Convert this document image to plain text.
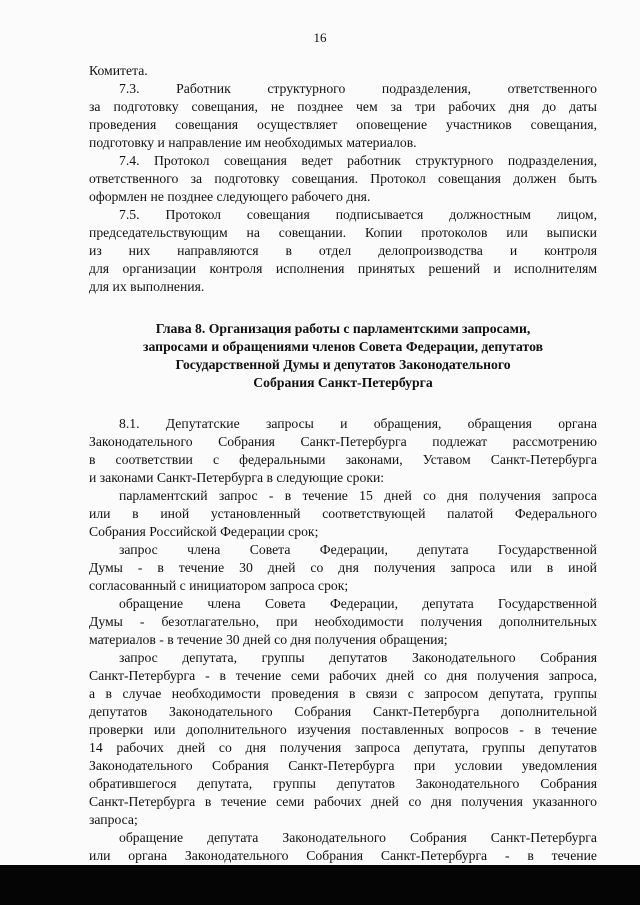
16

Комитета.

7.3. Работник структурного подразделения, ответственного

за подготовку совещания, не позднее чем за три рабочих дня до даты

проведения совещания осуществляет оповещение участников совещания,

подготовку и направление им необходимых материалов.

7.4. Протокол совещания ведет работник структурного подразделения,

ответственного за подготовку совещания. Протокол совещания должен быть

оформлен не позднее следующего рабочего дня.

7.5. Протокол совещания подписывается должностным лицом,

председательствующим на совещании. Копии протоколов или выписки

из них направляются в отдел делопроизводства и контроля

для организации контроля исполнения принятых решений и исполнителям

для их выполнения.

Глава 8. Организация работы с парламентскими запросами,
запросами и обращениями членов Совета Федерации, депутатов
Государственной Думы и депутатов Законодательного
Собрания Санкт-Петербурга

8.1. Депутатские запросы и обращения, обращения органа

Законодательного Собрания Санкт-Петербурга подлежат рассмотрению

в соответствии с федеральными законами, Уставом Санкт-Петербурга

и законами Санкт-Петербурга в следующие сроки:

парламентский запрос - в течение 15 дней со дня получения запроса

или в иной установленный соответствующей палатой Федерального

Собрания Российской Федерации срок;

запрос члена Совета Федерации, депутата Государственной

Думы - в течение 30 дней со дня получения запроса или в иной

согласованный с инициатором запроса срок;

обращение члена Совета Федерации, депутата Государственной

Думы - безотлагательно, при необходимости получения дополнительных

материалов - в течение 30 дней со дня получения обращения;

запрос депутата, группы депутатов Законодательного Собрания

Санкт-Петербурга - в течение семи рабочих дней со дня получения запроса,

а в случае необходимости проведения в связи с запросом депутата, группы

депутатов Законодательного Собрания Санкт-Петербурга дополнительной

проверки или дополнительного изучения поставленных вопросов - в течение

14 рабочих дней со дня получения запроса депутата, группы депутатов

Законодательного Собрания Санкт-Петербурга при условии уведомления

обратившегося депутата, группы депутатов Законодательного Собрания

Санкт-Петербурга в течение семи рабочих дней со дня получения указанного

запроса;

обращение депутата Законодательного Собрания Санкт-Петербурга

или органа Законодательного Собрания Санкт-Петербурга - в течение
